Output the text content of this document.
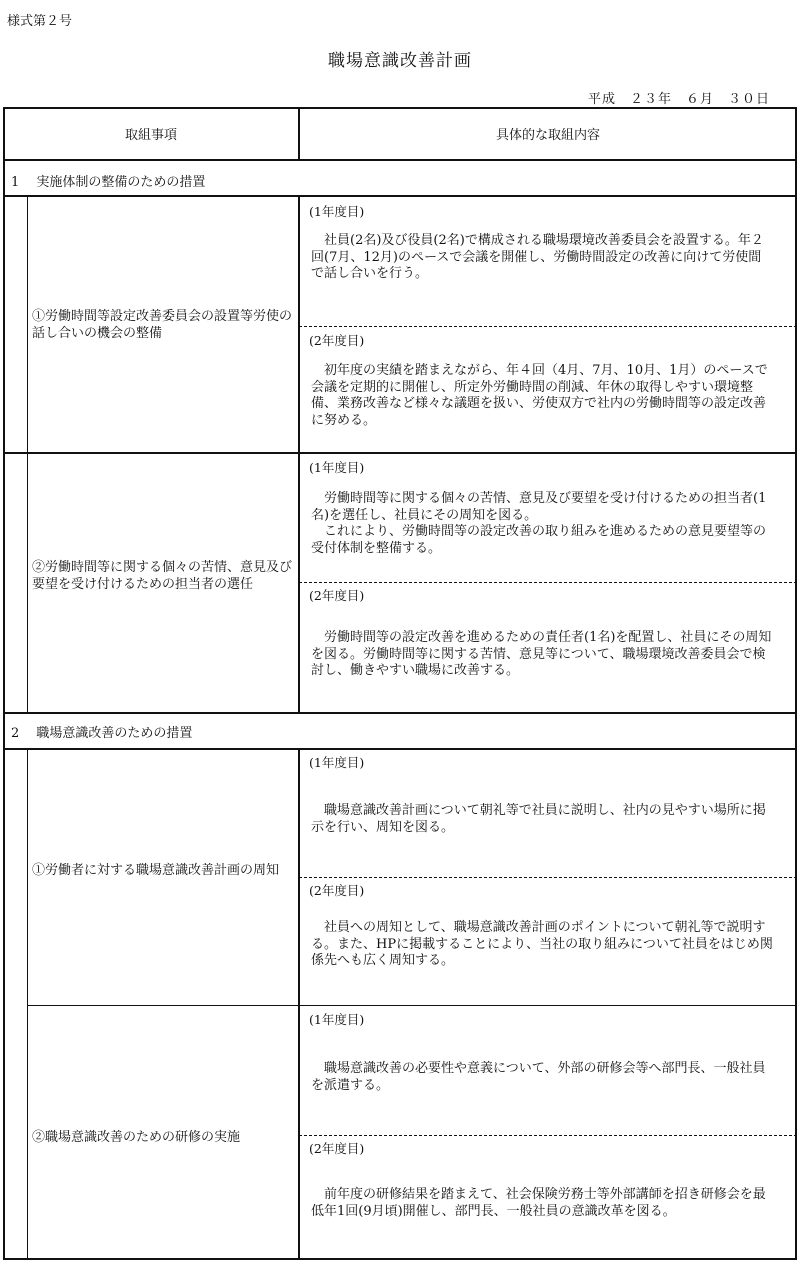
様式第２号
職場意識改善計画
平成　２３年　６月　３０日
取組事項	具体的な取組内容
1　 実施体制の整備のための措置
①労働時間等設定改善委員会の設置等労使の話し合いの機会の整備
(1年度目)
　社員(2名)及び役員(2名)で構成される職場環境改善委員会を設置する。年２回(7月、12月)のペースで会議を開催し、労働時間設定の改善に向けて労使間で話し合いを行う。
(2年度目)
　初年度の実績を踏まえながら、年４回（4月、7月、10月、1月）のペースで会議を定期的に開催し、所定外労働時間の削減、年休の取得しやすい環境整備、業務改善など様々な議題を扱い、労使双方で社内の労働時間等の設定改善に努める。
②労働時間等に関する個々の苦情、意見及び要望を受け付けるための担当者の選任
(1年度目)
　労働時間等に関する個々の苦情、意見及び要望を受け付けるための担当者(1名)を選任し、社員にその周知を図る。
　これにより、労働時間等の設定改善の取り組みを進めるための意見要望等の受付体制を整備する。
(2年度目)
　労働時間等の設定改善を進めるための責任者(1名)を配置し、社員にその周知を図る。労働時間等に関する苦情、意見等について、職場環境改善委員会で検討し、働きやすい職場に改善する。
2　 職場意識改善のための措置
①労働者に対する職場意識改善計画の周知
(1年度目)
　職場意識改善計画について朝礼等で社員に説明し、社内の見やすい場所に掲示を行い、周知を図る。
(2年度目)
　社員への周知として、職場意識改善計画のポイントについて朝礼等で説明する。また、HPに掲載することにより、当社の取り組みについて社員をはじめ関係先へも広く周知する。
②職場意識改善のための研修の実施
(1年度目)
　職場意識改善の必要性や意義について、外部の研修会等へ部門長、一般社員を派遣する。
(2年度目)
　前年度の研修結果を踏まえて、社会保険労務士等外部講師を招き研修会を最低年1回(9月頃)開催し、部門長、一般社員の意識改革を図る。
